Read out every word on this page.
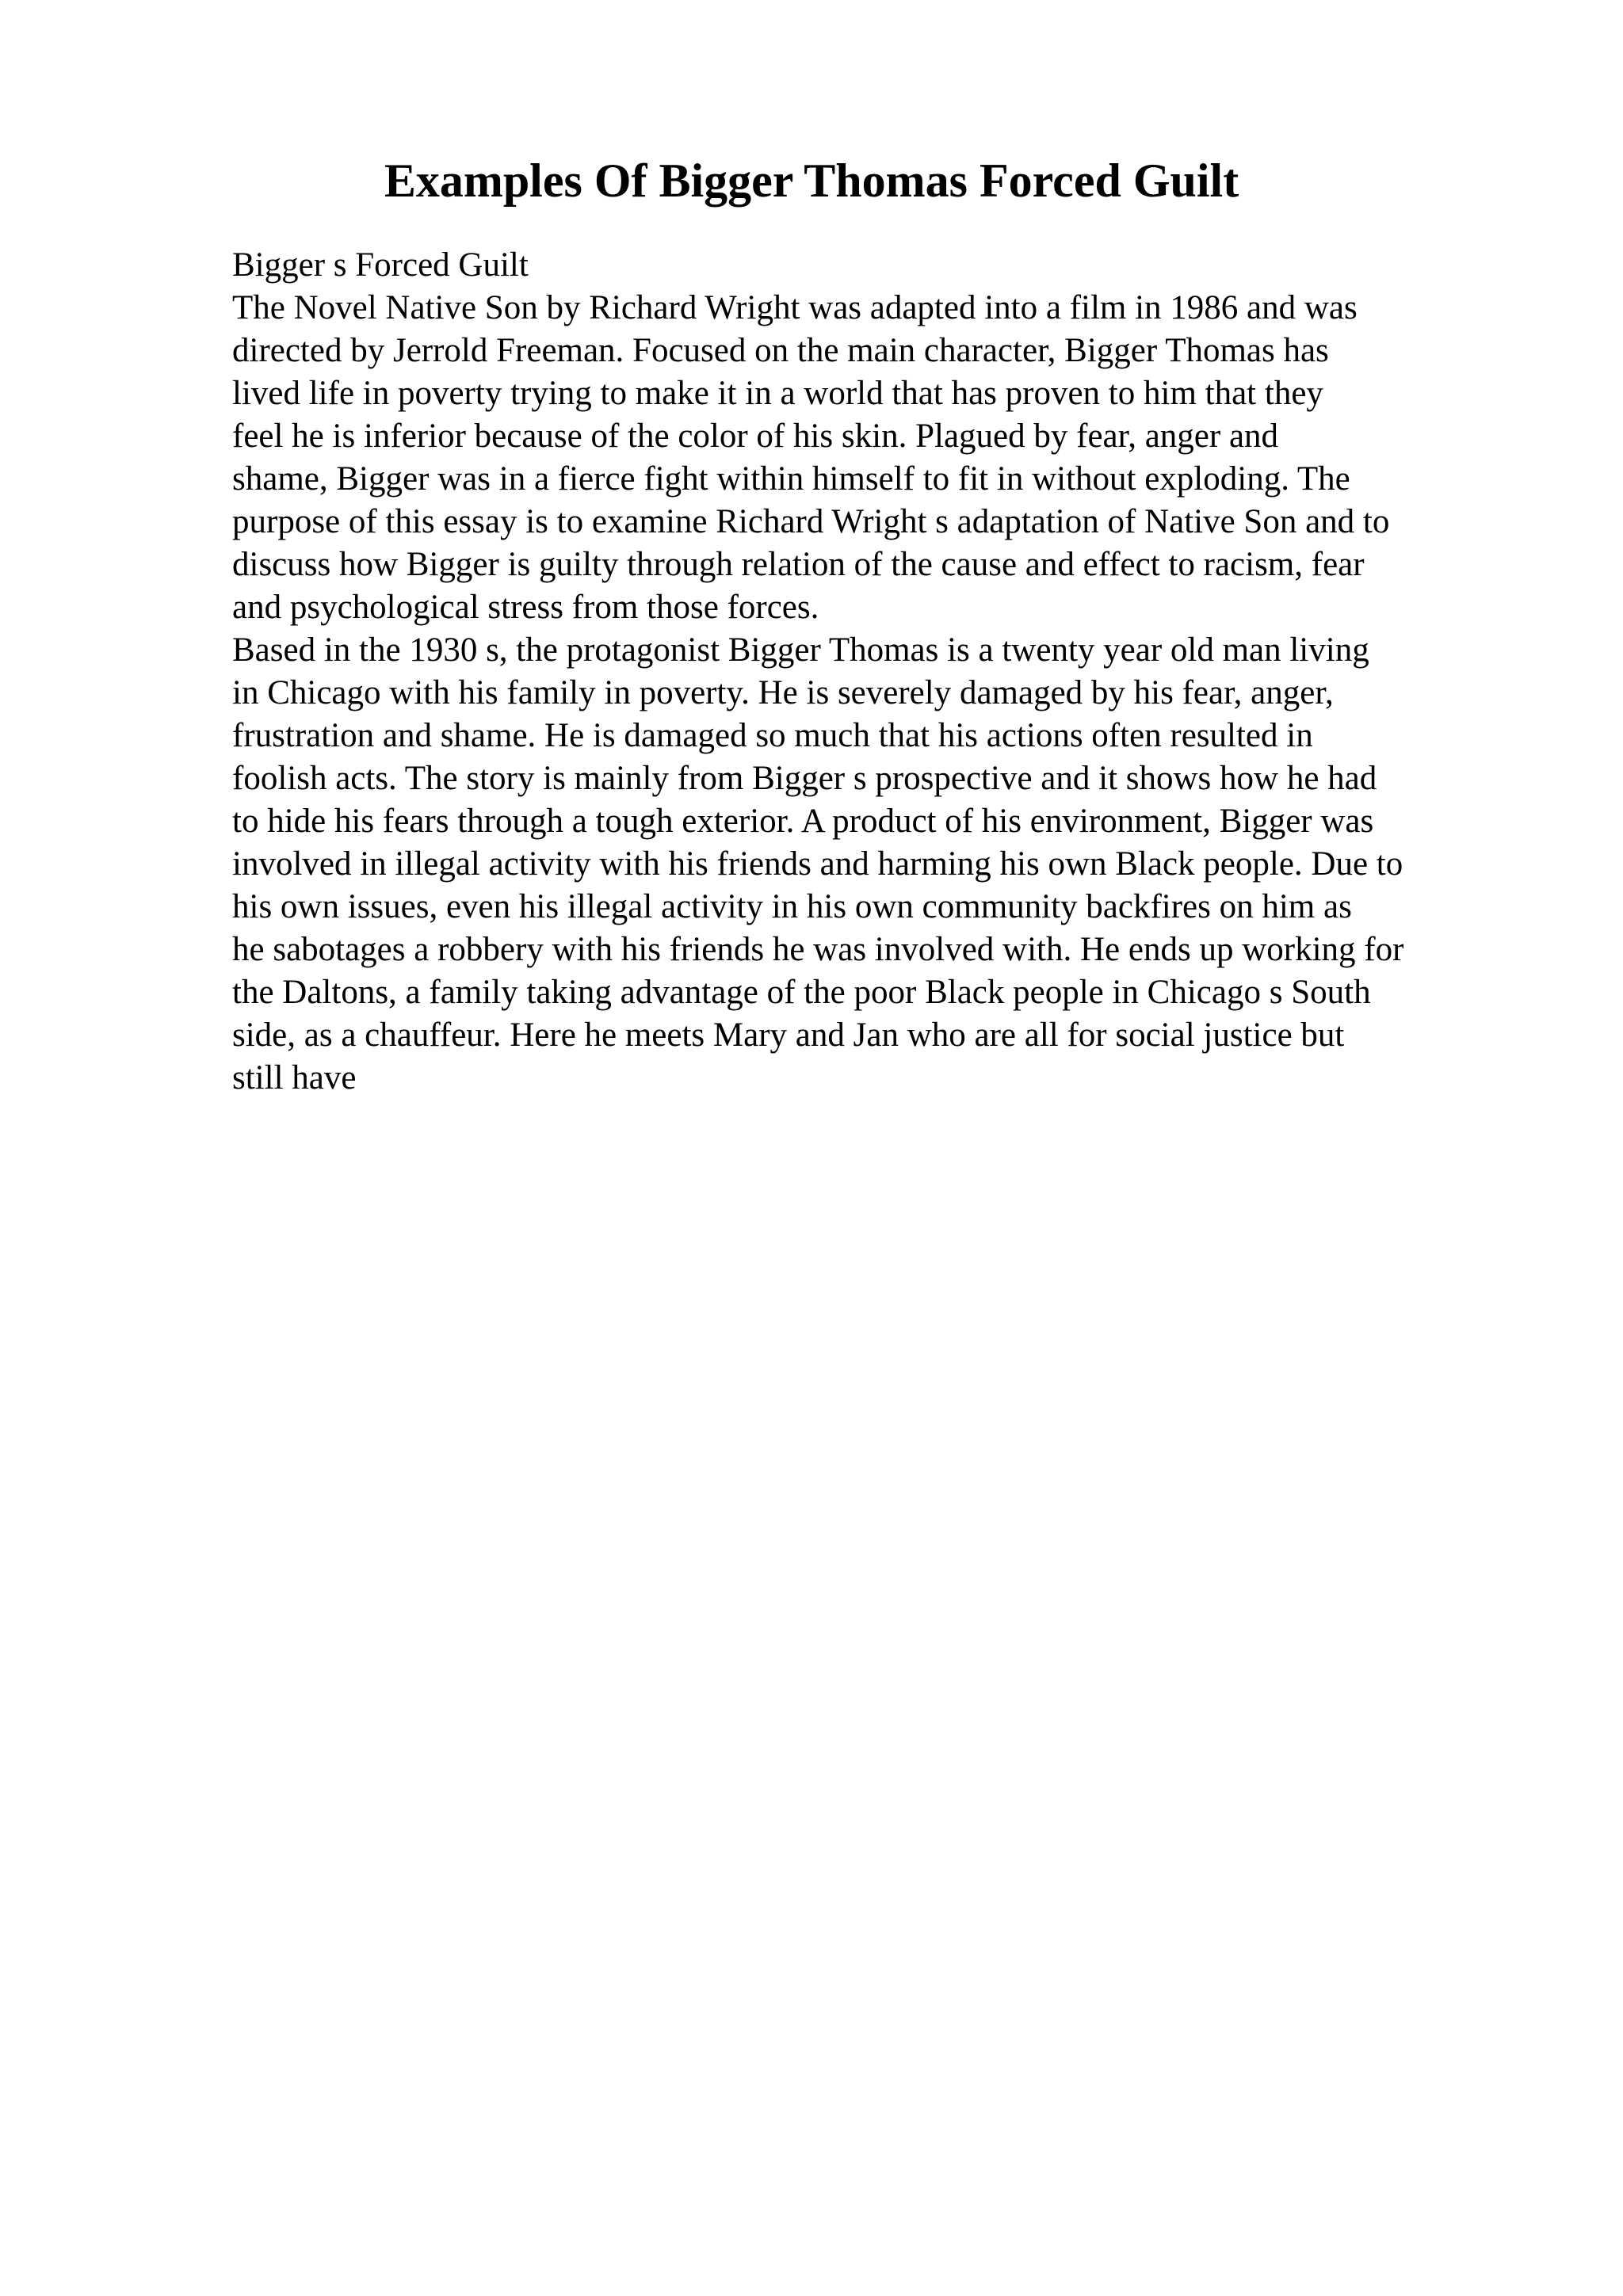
Examples Of Bigger Thomas Forced Guilt
Bigger s Forced Guilt
The Novel Native Son by Richard Wright was adapted into a film in 1986 and was
directed by Jerrold Freeman. Focused on the main character, Bigger Thomas has
lived life in poverty trying to make it in a world that has proven to him that they
feel he is inferior because of the color of his skin. Plagued by fear, anger and
shame, Bigger was in a fierce fight within himself to fit in without exploding. The
purpose of this essay is to examine Richard Wright s adaptation of Native Son and to
discuss how Bigger is guilty through relation of the cause and effect to racism, fear
and psychological stress from those forces.
Based in the 1930 s, the protagonist Bigger Thomas is a twenty year old man living
in Chicago with his family in poverty. He is severely damaged by his fear, anger,
frustration and shame. He is damaged so much that his actions often resulted in
foolish acts. The story is mainly from Bigger s prospective and it shows how he had
to hide his fears through a tough exterior. A product of his environment, Bigger was
involved in illegal activity with his friends and harming his own Black people. Due to
his own issues, even his illegal activity in his own community backfires on him as
he sabotages a robbery with his friends he was involved with. He ends up working for
the Daltons, a family taking advantage of the poor Black people in Chicago s South
side, as a chauffeur. Here he meets Mary and Jan who are all for social justice but
still have
